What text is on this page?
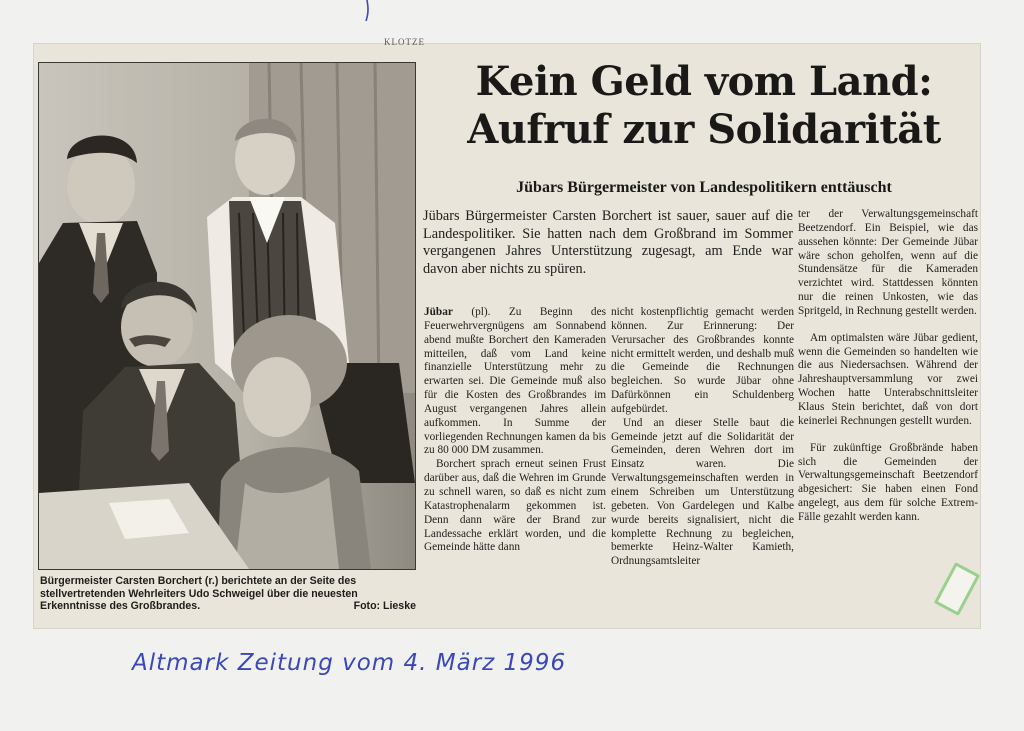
KLOTZE
Bürgermeister Carsten Borchert (r.) berichtete an der Seite des stellvertretenden Wehrleiters Udo Schweigel über die neuesten Erkenntnisse des Großbrandes.	Foto: Lieske
Kein Geld vom Land:
Aufruf zur Solidarität
Jübars Bürgermeister von Landespolitikern enttäuscht
Jübars Bürgermeister Carsten Borchert ist sauer, sauer auf die Landespolitiker. Sie hatten nach dem Großbrand im Sommer vergangenen Jahres Unterstützung zugesagt, am Ende war davon aber nichts zu spüren.

Jübar (pl). Zu Beginn des Feuerwehrvergnügens am Sonnabend abend mußte Borchert den Kameraden mitteilen, daß vom Land keine finanzielle Unterstützung mehr zu erwarten sei. Die Gemeinde muß also für die Kosten des Großbrandes im August vergangenen Jahres allein aufkommen. In Summe der vorliegenden Rechnungen kamen da bis zu 80 000 DM zusammen.

Borchert sprach erneut seinen Frust darüber aus, daß die Wehren im Grunde zu schnell waren, so daß es nicht zum Katastrophenalarm gekommen ist. Denn dann wäre der Brand zur Landessache erklärt worden, und die Gemeinde hätte dann

nicht kostenpflichtig gemacht werden können. Zur Erinnerung: Der Verursacher des Großbrandes konnte nicht ermittelt werden, und deshalb muß die Gemeinde die Rechnungen begleichen. So wurde Jübar ohne Dafürkönnen ein Schuldenberg aufgebürdet.

Und an dieser Stelle baut die Gemeinde jetzt auf die Solidarität der Gemeinden, deren Wehren dort im Einsatz waren. Die Verwaltungsgemeinschaften werden in einem Schreiben um Unterstützung gebeten. Von Gardelegen und Kalbe wurde bereits signalisiert, nicht die komplette Rechnung zu begleichen, bemerkte Heinz-Walter Kamieth, Ordnungsamtsleiter

ter der Verwaltungsgemeinschaft Beetzendorf. Ein Beispiel, wie das aussehen könnte: Der Gemeinde Jübar wäre schon geholfen, wenn auf die Stundensätze für die Kameraden verzichtet wird. Stattdessen könnten nur die reinen Unkosten, wie das Spritgeld, in Rechnung gestellt werden.

Am optimalsten wäre Jübar gedient, wenn die Gemeinden so handelten wie die aus Niedersachsen. Während der Jahreshauptversammlung vor zwei Wochen hatte Unterabschnittsleiter Klaus Stein berichtet, daß von dort keinerlei Rechnungen gestellt wurden.

Für zukünftige Großbrände haben sich die Gemeinden der Verwaltungsgemeinschaft Beetzendorf abgesichert: Sie haben einen Fond angelegt, aus dem für solche Extrem-Fälle gezahlt werden kann.

Altmark Zeitung vom 4. März 1996
